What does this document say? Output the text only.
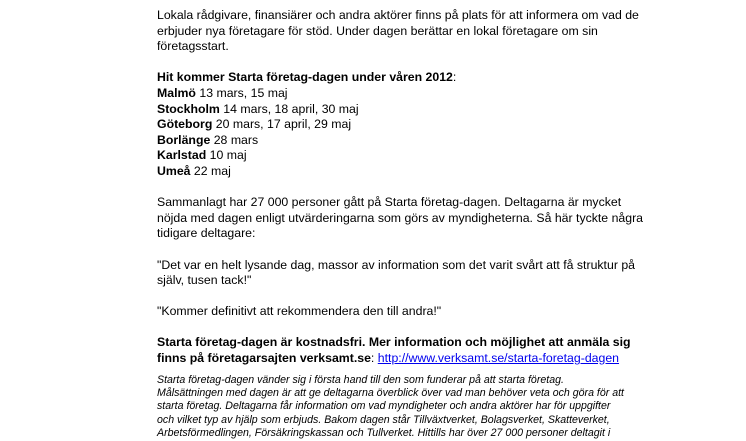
Lokala rådgivare, finansiärer och andra aktörer finns på plats för att informera om vad de
erbjuder nya företagare för stöd. Under dagen berättar en lokal företagare om sin
företagsstart.
Hit kommer Starta företag-dagen under våren 2012:
Malmö 13 mars, 15 maj
Stockholm 14 mars, 18 april, 30 maj
Göteborg 20 mars, 17 april, 29 maj
Borlänge 28 mars
Karlstad 10 maj
Umeå 22 maj
Sammanlagt har 27 000 personer gått på Starta företag-dagen. Deltagarna är mycket
nöjda med dagen enligt utvärderingarna som görs av myndigheterna. Så här tyckte några
tidigare deltagare:
"Det var en helt lysande dag, massor av information som det varit svårt att få struktur på
själv, tusen tack!"
"Kommer definitivt att rekommendera den till andra!"
Starta företag-dagen är kostnadsfri. Mer information och möjlighet att anmäla sig
finns på företagarsajten verksamt.se: http://www.verksamt.se/starta-foretag-dagen
Starta företag-dagen vänder sig i första hand till den som funderar på att starta företag.
Målsättningen med dagen är att ge deltagarna överblick över vad man behöver veta och göra för att
starta företag. Deltagarna får information om vad myndigheter och andra aktörer har för uppgifter
och vilket typ av hjälp som erbjuds. Bakom dagen står Tillväxtverket, Bolagsverket, Skatteverket,
Arbetsförmedlingen, Försäkringskassan och Tullverket. Hittills har över 27 000 personer deltagit i
